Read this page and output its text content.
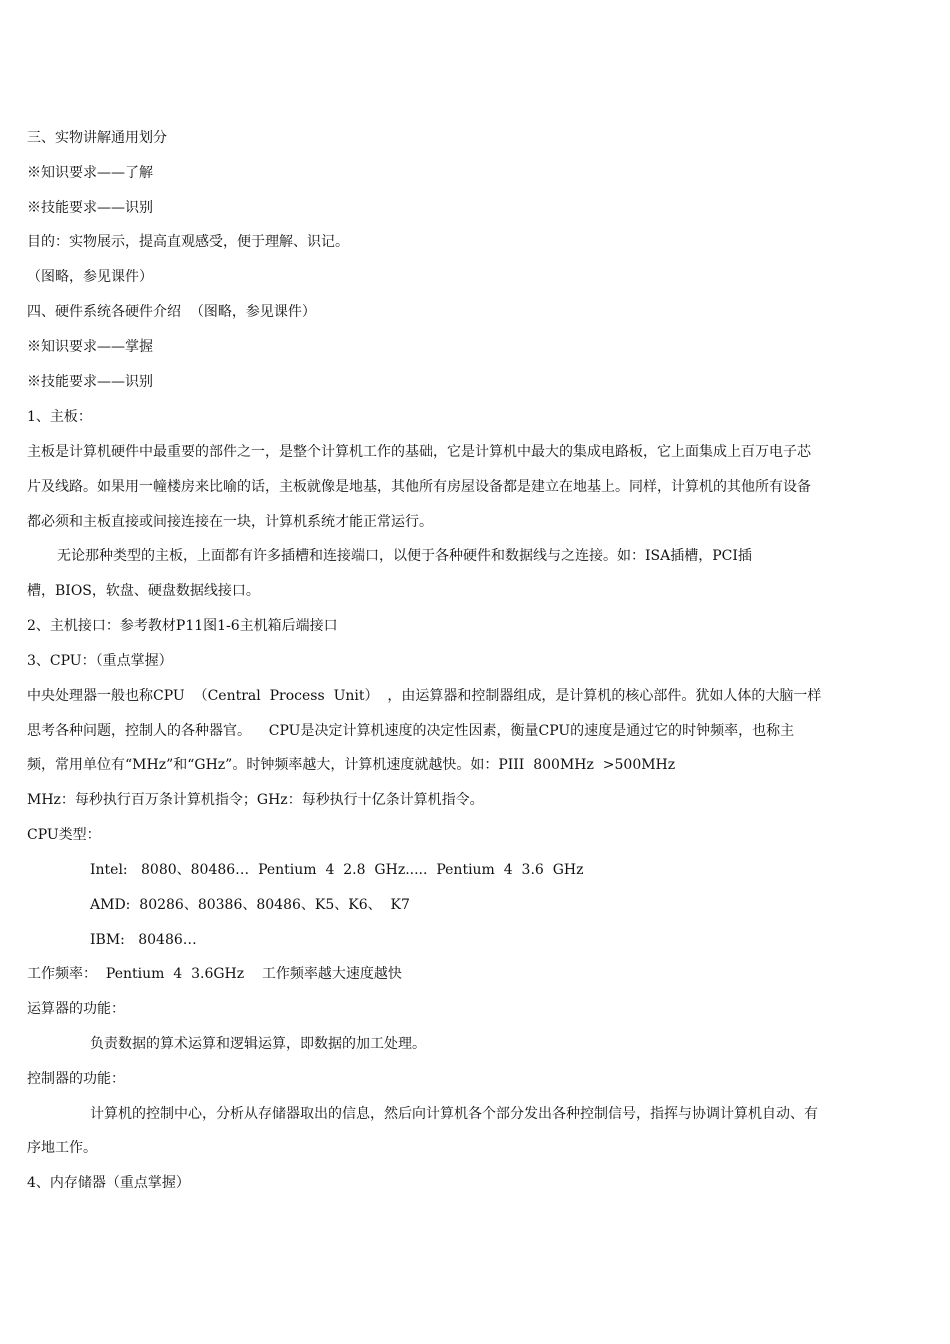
三、实物讲解通用划分
※知识要求——了解
※技能要求——识别
目的：实物展示，提高直观感受，便于理解、识记。
（图略，参见课件）
四、硬件系统各硬件介绍  （图略，参见课件）
※知识要求——掌握
※技能要求——识别
1、主板：
主板是计算机硬件中最重要的部件之一，是整个计算机工作的基础，它是计算机中最大的集成电路板，它上面集成上百万电子芯
片及线路。如果用一幢楼房来比喻的话，主板就像是地基，其他所有房屋设备都是建立在地基上。同样，计算机的其他所有设备
都必须和主板直接或间接连接在一块，计算机系统才能正常运行。
无论那种类型的主板，上面都有许多插槽和连接端口，以便于各种硬件和数据线与之连接。如：ISA插槽，PCI插
槽，BIOS，软盘、硬盘数据线接口。
2、主机接口：参考教材P11图1-6主机箱后端接口
3、CPU：（重点掌握）
中央处理器一般也称CPU  （Central  Process  Unit）  ，由运算器和控制器组成，是计算机的核心部件。犹如人体的大脑一样
思考各种问题，控制人的各种器官。    CPU是决定计算机速度的决定性因素，衡量CPU的速度是通过它的时钟频率，也称主
频，常用单位有“MHz”和“GHz”。时钟频率越大，计算机速度就越快。如：PIII  800MHz  >500MHz
MHz：每秒执行百万条计算机指令；GHz：每秒执行十亿条计算机指令。
CPU类型：
Intel:   8080、80486…  Pentium  4  2.8  GHz.....  Pentium  4  3.6  GHz
AMD:  80286、80386、80486、K5、K6、  K7
IBM:   80486…
工作频率：  Pentium  4  3.6GHz    工作频率越大速度越快
运算器的功能：
负责数据的算术运算和逻辑运算，即数据的加工处理。
控制器的功能：
计算机的控制中心，分析从存储器取出的信息，然后向计算机各个部分发出各种控制信号，指挥与协调计算机自动、有
序地工作。
4、内存储器（重点掌握）
